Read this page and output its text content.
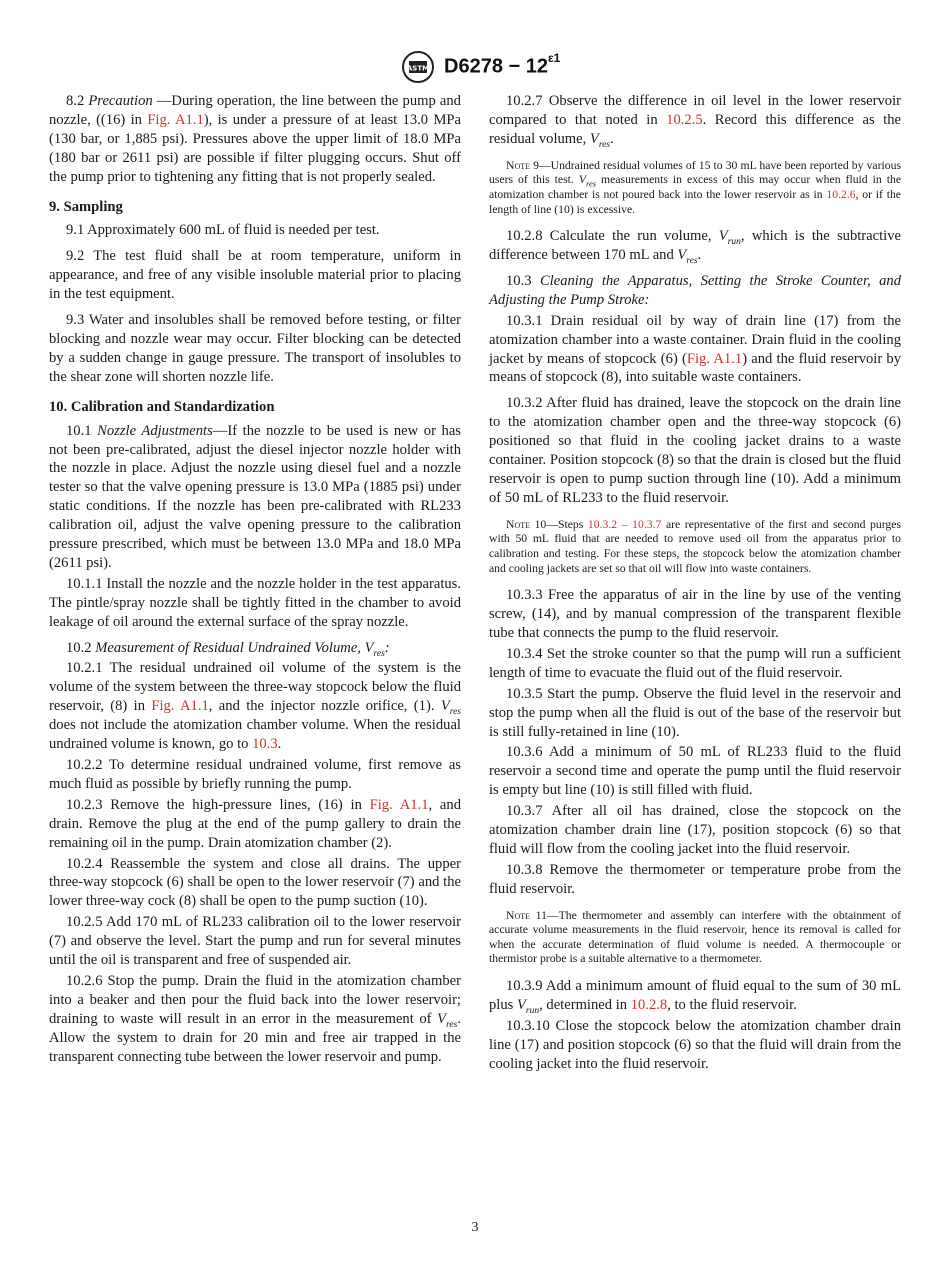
ASTM $D6278 - 12^{\varepsilon 1}$

8.2 Precaution —During operation, the line between the pump and nozzle, ((16) in Fig. A1.1), is under a pressure of at least 13.0 MPa (130 bar, or 1,885 psi). Pressures above the upper limit of 18.0 MPa (180 bar or 2611 psi) are possible if filter plugging occurs. Shut off the pump prior to tightening any fitting that is not properly sealed.

9. Sampling

9.1 Approximately 600 mL of fluid is needed per test.

9.2 The test fluid shall be at room temperature, uniform in appearance, and free of any visible insoluble material prior to placing in the test equipment.

9.3 Water and insolubles shall be removed before testing, or filter blocking and nozzle wear may occur. Filter blocking can be detected by a sudden change in gauge pressure. The transport of insolubles to the shear zone will shorten nozzle life.

10. Calibration and Standardization

10.1 Nozzle Adjustments—If the nozzle to be used is new or has not been pre-calibrated, adjust the diesel injector nozzle holder with the nozzle in place. Adjust the nozzle using diesel fuel and a nozzle tester so that the valve opening pressure is 13.0 MPa (1885 psi) under static conditions. If the nozzle has been pre-calibrated with RL233 calibration oil, adjust the valve opening pressure to the calibration pressure prescribed, which must be between 13.0 MPa and 18.0 MPa (2611 psi).

10.1.1 Install the nozzle and the nozzle holder in the test apparatus. The pintle/spray nozzle shall be tightly fitted in the chamber to avoid leakage of oil around the external surface of the spray nozzle.

10.2 Measurement of Residual Undrained Volume, $V_{res}$:

10.2.1 The residual undrained oil volume of the system is the volume of the system between the three-way stopcock below the fluid reservoir, (8) in Fig. A1.1, and the injector nozzle orifice, (1). $V_{res}$ does not include the atomization chamber volume. When the residual undrained volume is known, go to 10.3.

10.2.2 To determine residual undrained volume, first remove as much fluid as possible by briefly running the pump.

10.2.3 Remove the high-pressure lines, (16) in Fig. A1.1, and drain. Remove the plug at the end of the pump gallery to drain the remaining oil in the pump. Drain atomization chamber (2).

10.2.4 Reassemble the system and close all drains. The upper three-way stopcock (6) shall be open to the lower reservoir (7) and the lower three-way cock (8) shall be open to the pump suction (10).

10.2.5 Add 170 mL of RL233 calibration oil to the lower reservoir (7) and observe the level. Start the pump and run for several minutes until the oil is transparent and free of suspended air.

10.2.6 Stop the pump. Drain the fluid in the atomization chamber into a beaker and then pour the fluid back into the lower reservoir; draining to waste will result in an error in the measurement of $V_{res}$. Allow the system to drain for 20 min and free air trapped in the transparent connecting tube between the lower reservoir and pump.

10.2.7 Observe the difference in oil level in the lower reservoir compared to that noted in 10.2.5. Record this difference as the residual volume, $V_{res}$.

Note 9—Undrained residual volumes of 15 to 30 mL have been reported by various users of this test. $V_{res}$ measurements in excess of this may occur when fluid in the atomization chamber is not poured back into the lower reservoir as in 10.2.6, or if the length of line (10) is excessive.

10.2.8 Calculate the run volume, $V_{run}$, which is the subtractive difference between 170 mL and $V_{res}$.

10.3 Cleaning the Apparatus, Setting the Stroke Counter, and Adjusting the Pump Stroke:

10.3.1 Drain residual oil by way of drain line (17) from the atomization chamber into a waste container. Drain fluid in the cooling jacket by means of stopcock (6) (Fig. A1.1) and the fluid reservoir by means of stopcock (8), into suitable waste containers.

10.3.2 After fluid has drained, leave the stopcock on the drain line to the atomization chamber open and the three-way stopcock (6) positioned so that fluid in the cooling jacket drains to a waste container. Position stopcock (8) so that the drain is closed but the fluid reservoir is open to pump suction through line (10). Add a minimum of 50 mL of RL233 to the fluid reservoir.

Note 10—Steps 10.3.2 – 10.3.7 are representative of the first and second purges with 50 mL fluid that are needed to remove used oil from the apparatus prior to calibration and testing. For these steps, the stopcock below the atomization chamber and cooling jackets are set so that oil will flow into waste containers.

10.3.3 Free the apparatus of air in the line by use of the venting screw, (14), and by manual compression of the transparent flexible tube that connects the pump to the fluid reservoir.

10.3.4 Set the stroke counter so that the pump will run a sufficient length of time to evacuate the fluid out of the fluid reservoir.

10.3.5 Start the pump. Observe the fluid level in the reservoir and stop the pump when all the fluid is out of the base of the reservoir but is still fully-retained in line (10).

10.3.6 Add a minimum of 50 mL of RL233 fluid to the fluid reservoir a second time and operate the pump until the fluid reservoir is empty but line (10) is still filled with fluid.

10.3.7 After all oil has drained, close the stopcock on the atomization chamber drain line (17), position stopcock (6) so that fluid will flow from the cooling jacket into the fluid reservoir.

10.3.8 Remove the thermometer or temperature probe from the fluid reservoir.

Note 11—The thermometer and assembly can interfere with the obtainment of accurate volume measurements in the fluid reservoir, hence its removal is called for when the accurate determination of fluid volume is needed. A thermocouple or thermistor probe is a suitable alternative to a thermometer.

10.3.9 Add a minimum amount of fluid equal to the sum of 30 mL plus $V_{run}$, determined in 10.2.8, to the fluid reservoir.

10.3.10 Close the stopcock below the atomization chamber drain line (17) and position stopcock (6) so that the fluid will drain from the cooling jacket into the fluid reservoir.

3
